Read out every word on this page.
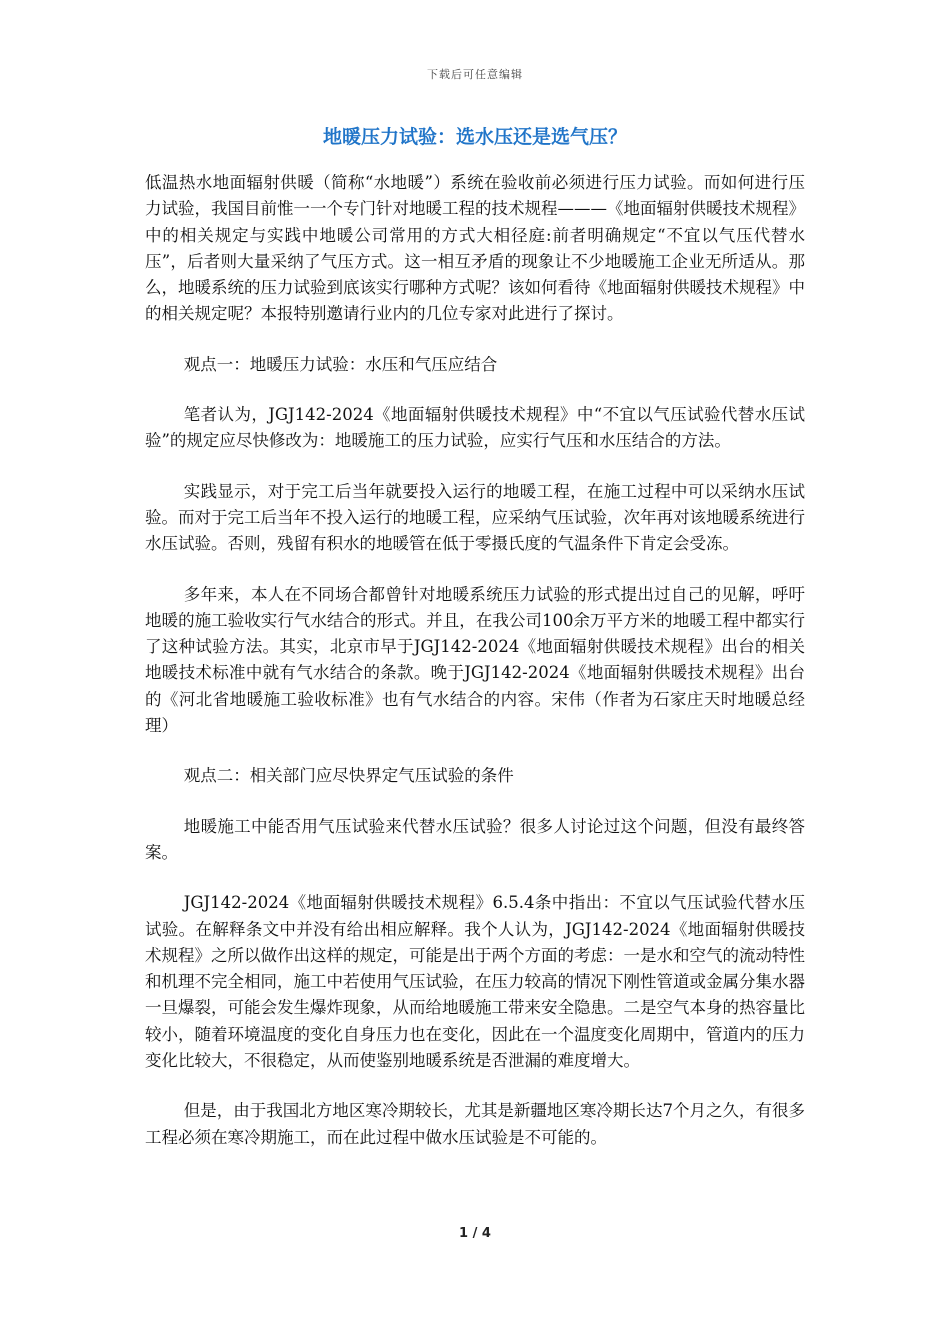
下载后可任意编辑
地暖压力试验：选水压还是选气压？

低温热水地面辐射供暖（简称“水地暖”）系统在验收前必须进行压力试验。而如何进行压力试验，我国目前惟一一个专门针对地暖工程的技术规程———《地面辐射供暖技术规程》中的相关规定与实践中地暖公司常用的方式大相径庭:前者明确规定“不宜以气压代替水压”，后者则大量采纳了气压方式。这一相互矛盾的现象让不少地暖施工企业无所适从。那么，地暖系统的压力试验到底该实行哪种方式呢？该如何看待《地面辐射供暖技术规程》中的相关规定呢？本报特别邀请行业内的几位专家对此进行了探讨。

观点一：地暖压力试验：水压和气压应结合

笔者认为，JGJ142-2024《地面辐射供暖技术规程》中“不宜以气压试验代替水压试验”的规定应尽快修改为：地暖施工的压力试验，应实行气压和水压结合的方法。

实践显示，对于完工后当年就要投入运行的地暖工程，在施工过程中可以采纳水压试验。而对于完工后当年不投入运行的地暖工程，应采纳气压试验，次年再对该地暖系统进行水压试验。否则，残留有积水的地暖管在低于零摄氏度的气温条件下肯定会受冻。

多年来，本人在不同场合都曾针对地暖系统压力试验的形式提出过自己的见解，呼吁地暖的施工验收实行气水结合的形式。并且，在我公司100余万平方米的地暖工程中都实行了这种试验方法。其实，北京市早于JGJ142-2024《地面辐射供暖技术规程》出台的相关地暖技术标准中就有气水结合的条款。晚于JGJ142-2024《地面辐射供暖技术规程》出台的《河北省地暖施工验收标准》也有气水结合的内容。宋伟（作者为石家庄天时地暖总经理）

观点二：相关部门应尽快界定气压试验的条件

地暖施工中能否用气压试验来代替水压试验？很多人讨论过这个问题，但没有最终答案。

JGJ142-2024《地面辐射供暖技术规程》6.5.4条中指出：不宜以气压试验代替水压试验。在解释条文中并没有给出相应解释。我个人认为，JGJ142-2024《地面辐射供暖技术规程》之所以做作出这样的规定，可能是出于两个方面的考虑：一是水和空气的流动特性和机理不完全相同，施工中若使用气压试验，在压力较高的情况下刚性管道或金属分集水器一旦爆裂，可能会发生爆炸现象，从而给地暖施工带来安全隐患。二是空气本身的热容量比较小，随着环境温度的变化自身压力也在变化，因此在一个温度变化周期中，管道内的压力变化比较大，不很稳定，从而使鉴别地暖系统是否泄漏的难度增大。

但是，由于我国北方地区寒冷期较长，尤其是新疆地区寒冷期长达7个月之久，有很多工程必须在寒冷期施工，而在此过程中做水压试验是不可能的。

1 / 4
